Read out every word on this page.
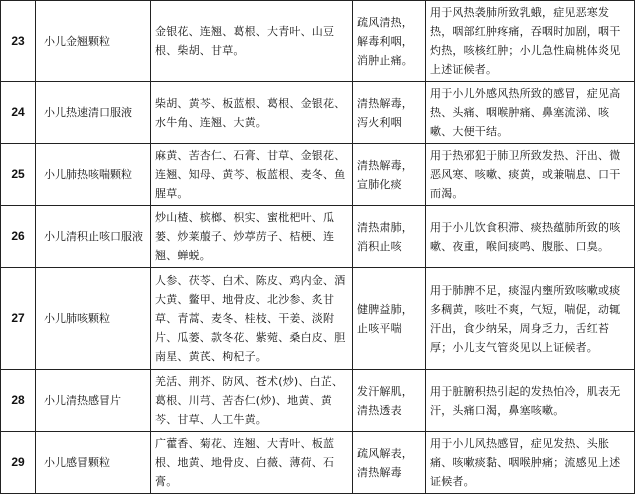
23	小儿金翘颗粒	金银花、连翘、葛根、大青叶、山豆根、柴胡、甘草。	疏风清热，解毒利咽，消肿止痛。	用于风热袭肺所致乳蛾，症见恶寒发热，咽部红肿疼痛，吞咽时加剧，咽干灼热，咳核红肿；小儿急性扁桃体炎见上述证候者。
24	小儿热速清口服液	柴胡、黄芩、板蓝根、葛根、金银花、水牛角、连翘、大黄。	清热解毒，泻火利咽	用于小儿外感风热所致的感冒，症见高热、头痛、咽喉肿痛、鼻塞流涕、咳嗽、大便干结。
25	小儿肺热咳喘颗粒	麻黄、苦杏仁、石膏、甘草、金银花、连翘、知母、黄芩、板蓝根、麦冬、鱼腥草。	清热解毒，宣肺化痰	用于热邪犯于肺卫所致发热、汗出、微恶风寒、咳嗽、痰黄，或兼喘息、口干而渴。
26	小儿清积止咳口服液	炒山楂、槟榔、枳实、蜜枇杷叶、瓜蒌、炒莱菔子、炒葶苈子、桔梗、连翘、蝉蜕。	清热肃肺，消积止咳	用于小儿饮食积滞、痰热蕴肺所致的咳嗽、夜重，喉间痰鸣、腹胀、口臭。
27	小儿肺咳颗粒	人参、茯苓、白术、陈皮、鸡内金、酒大黄、鳖甲、地骨皮、北沙参、炙甘草、青蒿、麦冬、桂枝、干姜、淡附片、瓜蒌、款冬花、紫菀、桑白皮、胆南星、黄芪、枸杞子。	健脾益肺，止咳平喘	用于肺脾不足，痰湿内壅所致咳嗽或痰多稠黄，咳吐不爽，气短，喘促，动辄汗出，食少纳呆，周身乏力，舌红苔厚；小儿支气管炎见以上证候者。
28	小儿清热感冒片	羌活、荆芥、防风、苍术(炒)、白芷、葛根、川芎、苦杏仁(炒)、地黄、黄芩、甘草、人工牛黄。	发汗解肌，清热透表	用于脏腑积热引起的发热怕冷，肌表无汗，头痛口渴，鼻塞咳嗽。
29	小儿感冒颗粒	广藿香、菊花、连翘、大青叶、板蓝根、地黄、地骨皮、白薇、薄荷、石膏。	疏风解表，清热解毒	用于小儿风热感冒，症见发热、头胀痛、咳嗽痰黏、咽喉肿痛；流感见上述证候者。
